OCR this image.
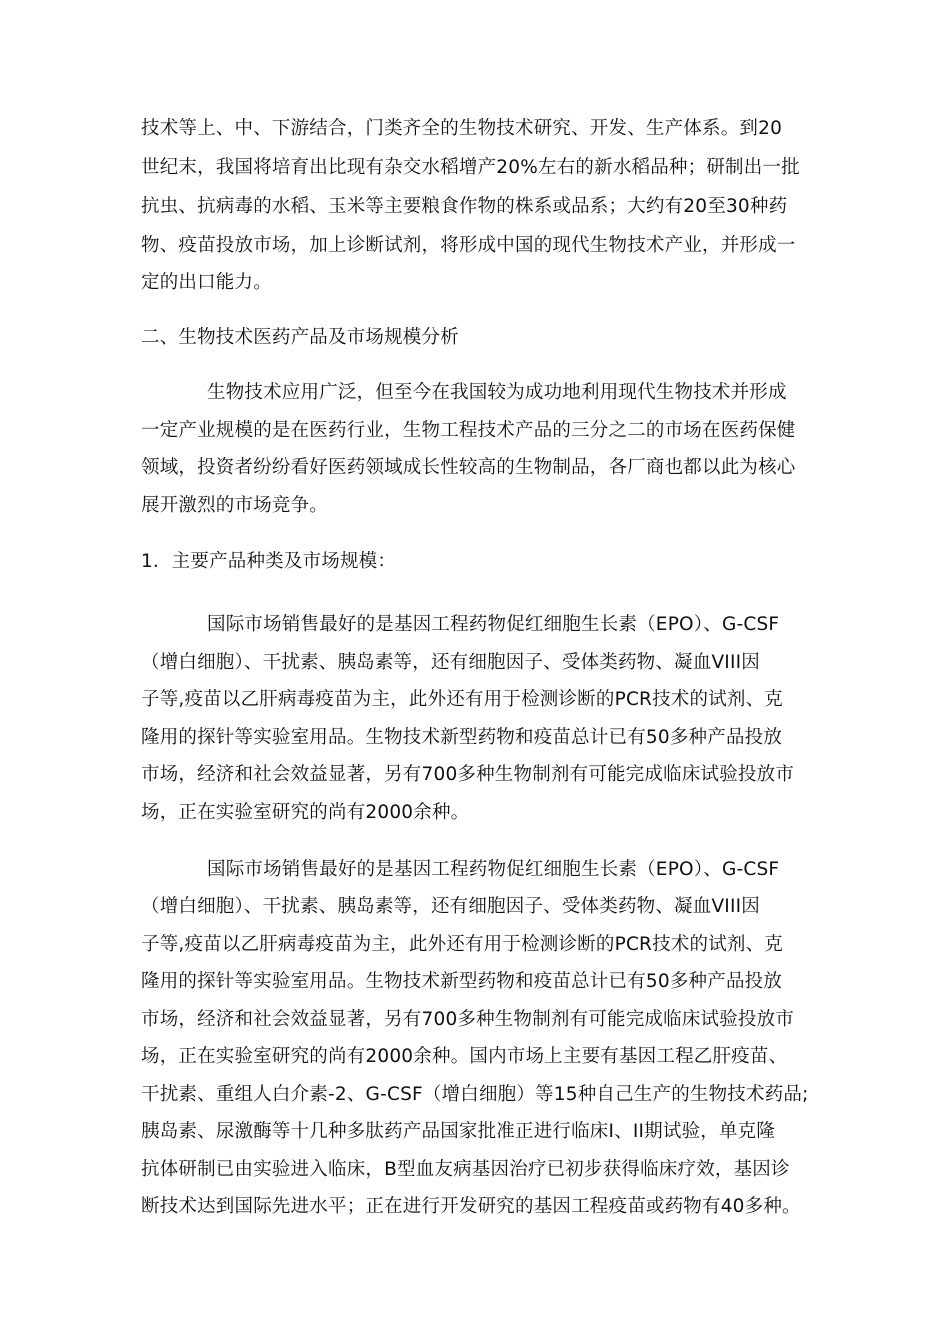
技术等上、中、下游结合，门类齐全的生物技术研究、开发、生产体系。到20
世纪末，我国将培育出比现有杂交水稻增产20%左右的新水稻品种；研制出一批
抗虫、抗病毒的水稻、玉米等主要粮食作物的株系或品系；大约有20至30种药
物、疫苗投放市场，加上诊断试剂，将形成中国的现代生物技术产业，并形成一
定的出口能力。
二、生物技术医药产品及市场规模分析
生物技术应用广泛，但至今在我国较为成功地利用现代生物技术并形成
一定产业规模的是在医药行业，生物工程技术产品的三分之二的市场在医药保健
领域，投资者纷纷看好医药领域成长性较高的生物制品，各厂商也都以此为核心
展开激烈的市场竞争。
1．主要产品种类及市场规模：
国际市场销售最好的是基因工程药物促红细胞生长素（EPO）、G-CSF
（增白细胞）、干扰素、胰岛素等，还有细胞因子、受体类药物、凝血VIII因
子等,疫苗以乙肝病毒疫苗为主，此外还有用于检测诊断的PCR技术的试剂、克
隆用的探针等实验室用品。生物技术新型药物和疫苗总计已有50多种产品投放
市场，经济和社会效益显著，另有700多种生物制剂有可能完成临床试验投放市
场，正在实验室研究的尚有2000余种。
国际市场销售最好的是基因工程药物促红细胞生长素（EPO）、G-CSF
（增白细胞）、干扰素、胰岛素等，还有细胞因子、受体类药物、凝血VIII因
子等,疫苗以乙肝病毒疫苗为主，此外还有用于检测诊断的PCR技术的试剂、克
隆用的探针等实验室用品。生物技术新型药物和疫苗总计已有50多种产品投放
市场，经济和社会效益显著，另有700多种生物制剂有可能完成临床试验投放市
场，正在实验室研究的尚有2000余种。国内市场上主要有基因工程乙肝疫苗、
干扰素、重组人白介素-2、G-CSF（增白细胞）等15种自己生产的生物技术药品;
胰岛素、尿激酶等十几种多肽药产品国家批准正进行临床I、II期试验，单克隆
抗体研制已由实验进入临床，B型血友病基因治疗已初步获得临床疗效，基因诊
断技术达到国际先进水平；正在进行开发研究的基因工程疫苗或药物有40多种。
